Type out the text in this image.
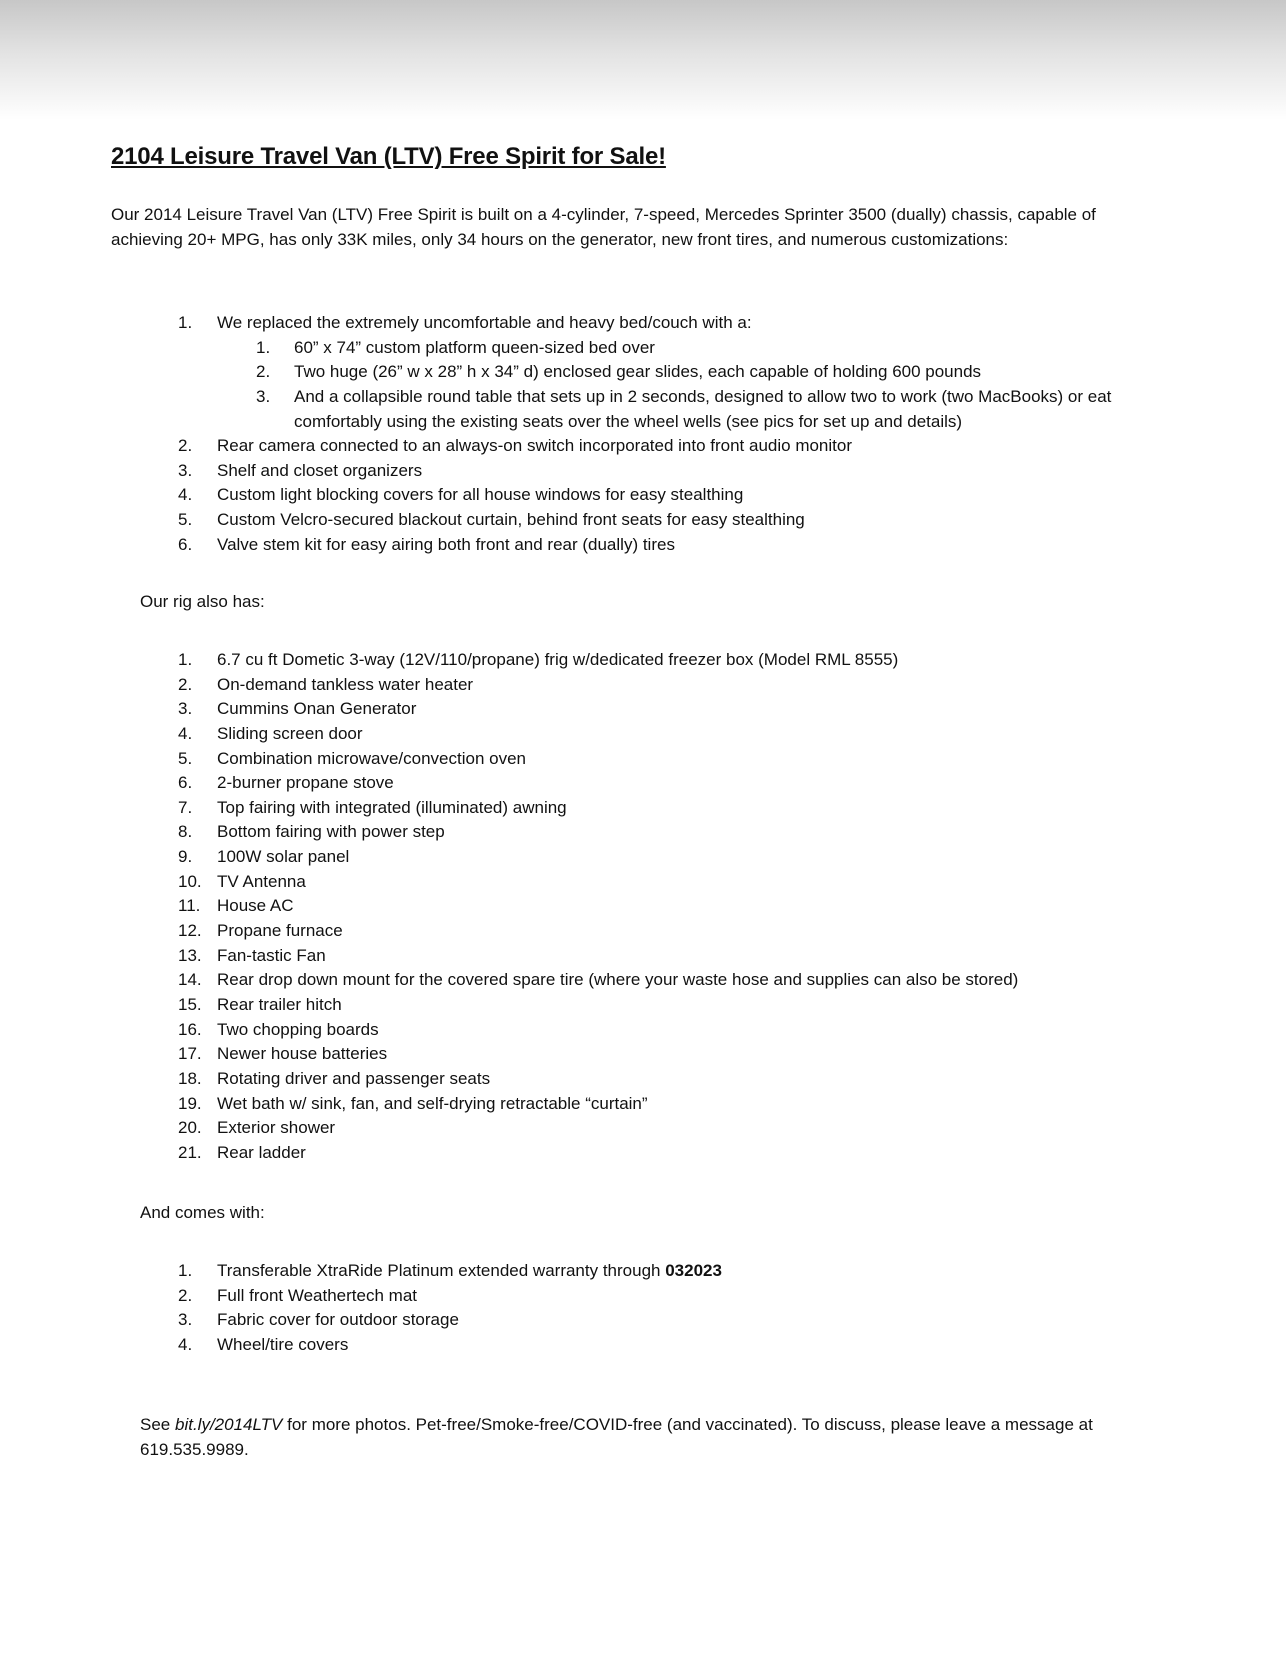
2104 Leisure Travel Van (LTV) Free Spirit for Sale!

Our 2014 Leisure Travel Van (LTV) Free Spirit is built on a 4-cylinder, 7-speed, Mercedes Sprinter 3500 (dually) chassis, capable of achieving 20+ MPG, has only 33K miles, only 34 hours on the generator, new front tires, and numerous customizations:

1.	We replaced the extremely uncomfortable and heavy bed/couch with a:
1.	60” x 74” custom platform queen-sized bed over
2.	Two huge (26” w x 28” h x 34” d) enclosed gear slides, each capable of holding 600 pounds
3.	And a collapsible round table that sets up in 2 seconds, designed to allow two to work (two MacBooks) or eat comfortably using the existing seats over the wheel wells (see pics for set up and details)
2.	Rear camera connected to an always-on switch incorporated into front audio monitor
3.	Shelf and closet organizers
4.	Custom light blocking covers for all house windows for easy stealthing
5.	Custom Velcro-secured blackout curtain, behind front seats for easy stealthing
6.	Valve stem kit for easy airing both front and rear (dually) tires

Our rig also has:

1.	6.7 cu ft Dometic 3-way (12V/110/propane) frig w/dedicated freezer box (Model RML 8555)
2.	On-demand tankless water heater
3.	Cummins Onan Generator
4.	Sliding screen door
5.	Combination microwave/convection oven
6.	2-burner propane stove
7.	Top fairing with integrated (illuminated) awning
8.	Bottom fairing with power step
9.	100W solar panel
10. TV Antenna
11. House AC
12. Propane furnace
13. Fan-tastic Fan
14. Rear drop down mount for the covered spare tire (where your waste hose and supplies can also be stored)
15. Rear trailer hitch
16. Two chopping boards
17. Newer house batteries
18. Rotating driver and passenger seats
19. Wet bath w/ sink, fan, and self-drying retractable “curtain”
20. Exterior shower
21. Rear ladder

And comes with:

1.	Transferable XtraRide Platinum extended warranty through 032023
2.	Full front Weathertech mat
3.	Fabric cover for outdoor storage
4.	Wheel/tire covers

See bit.ly/2014LTV for more photos. Pet-free/Smoke-free/COVID-free (and vaccinated). To discuss, please leave a message at 619.535.9989.
